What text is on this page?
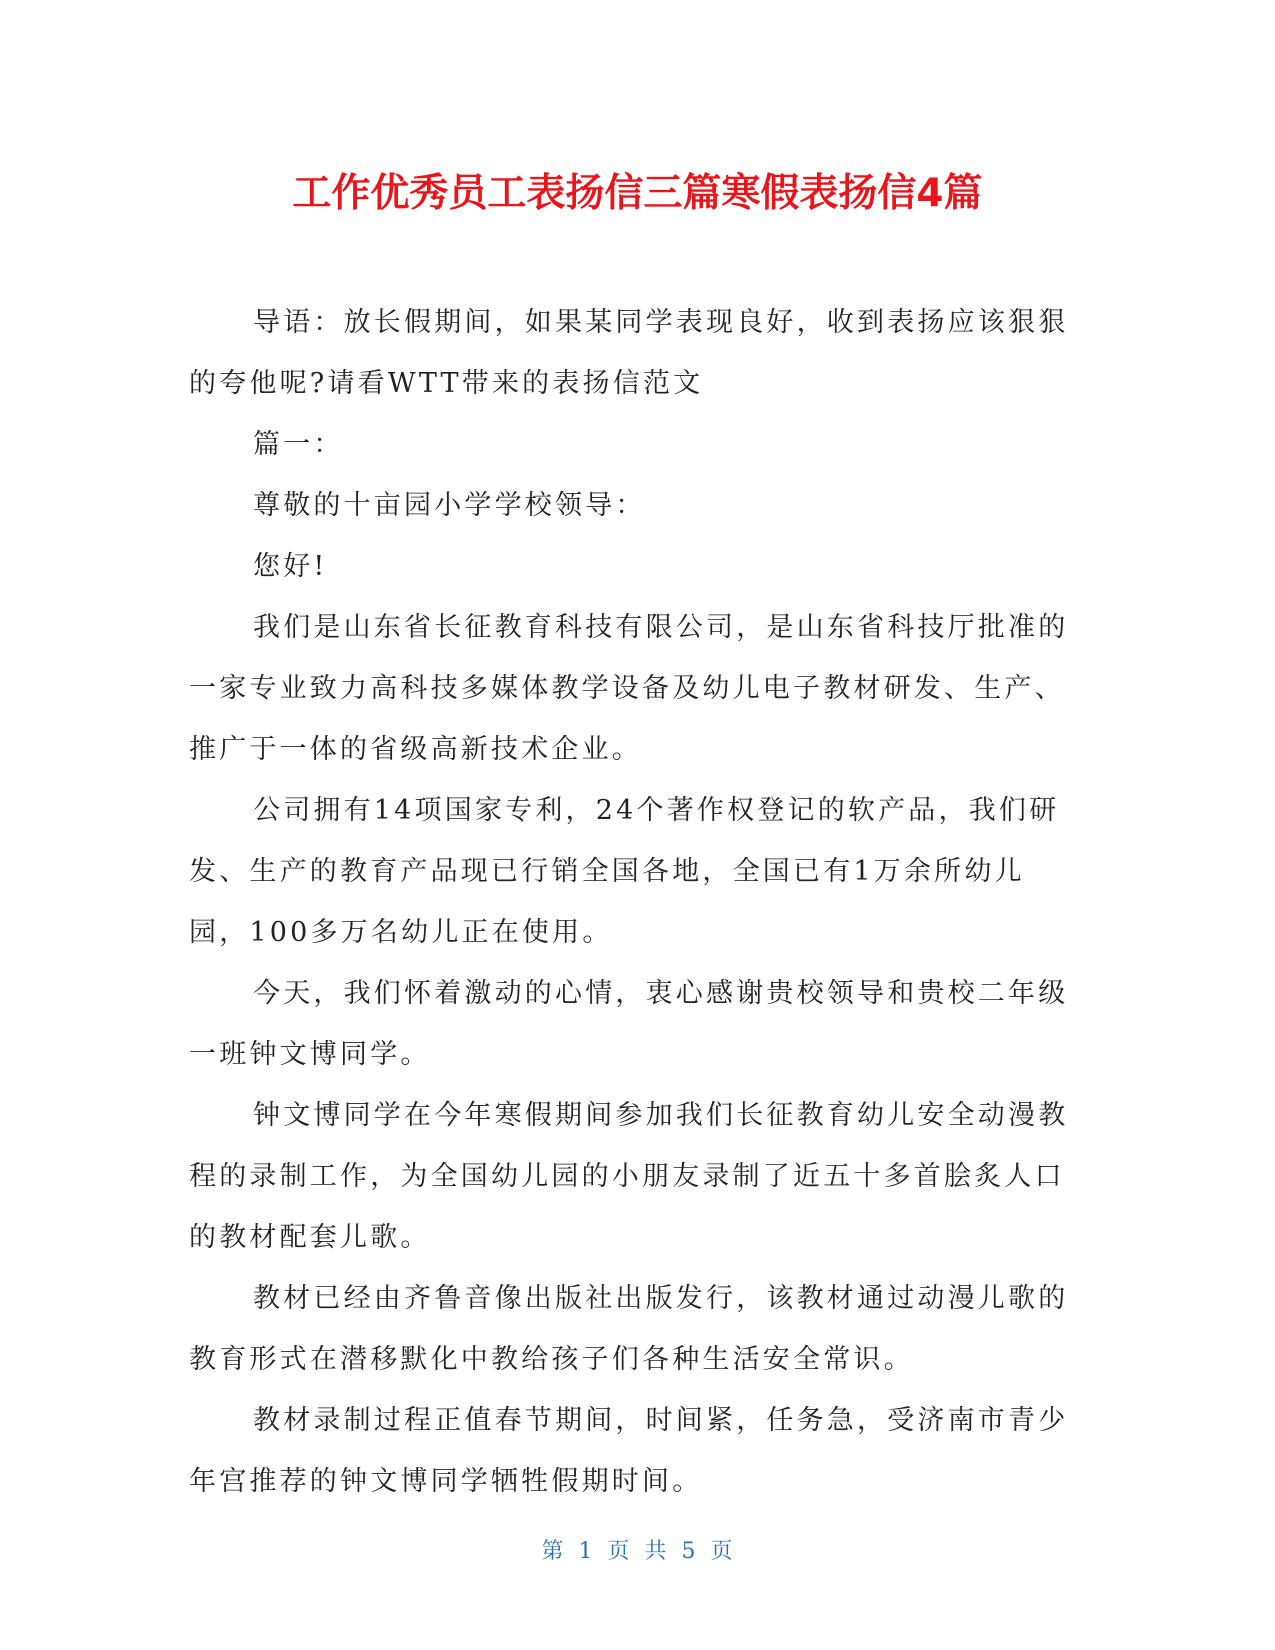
工作优秀员工表扬信三篇寒假表扬信4篇

导语：放长假期间，如果某同学表现良好，收到表扬应该狠狠的夸他呢?请看WTT带来的表扬信范文

篇一：

尊敬的十亩园小学学校领导：

您好!

我们是山东省长征教育科技有限公司，是山东省科技厅批准的一家专业致力高科技多媒体教学设备及幼儿电子教材研发、生产、推广于一体的省级高新技术企业。

公司拥有14项国家专利，24个著作权登记的软产品，我们研发、生产的教育产品现已行销全国各地，全国已有1万余所幼儿园，100多万名幼儿正在使用。

今天，我们怀着激动的心情，衷心感谢贵校领导和贵校二年级一班钟文博同学。

钟文博同学在今年寒假期间参加我们长征教育幼儿安全动漫教程的录制工作，为全国幼儿园的小朋友录制了近五十多首脍炙人口的教材配套儿歌。

教材已经由齐鲁音像出版社出版发行，该教材通过动漫儿歌的教育形式在潜移默化中教给孩子们各种生活安全常识。

教材录制过程正值春节期间，时间紧，任务急，受济南市青少年宫推荐的钟文博同学牺牲假期时间。

第 1 页 共 5 页
